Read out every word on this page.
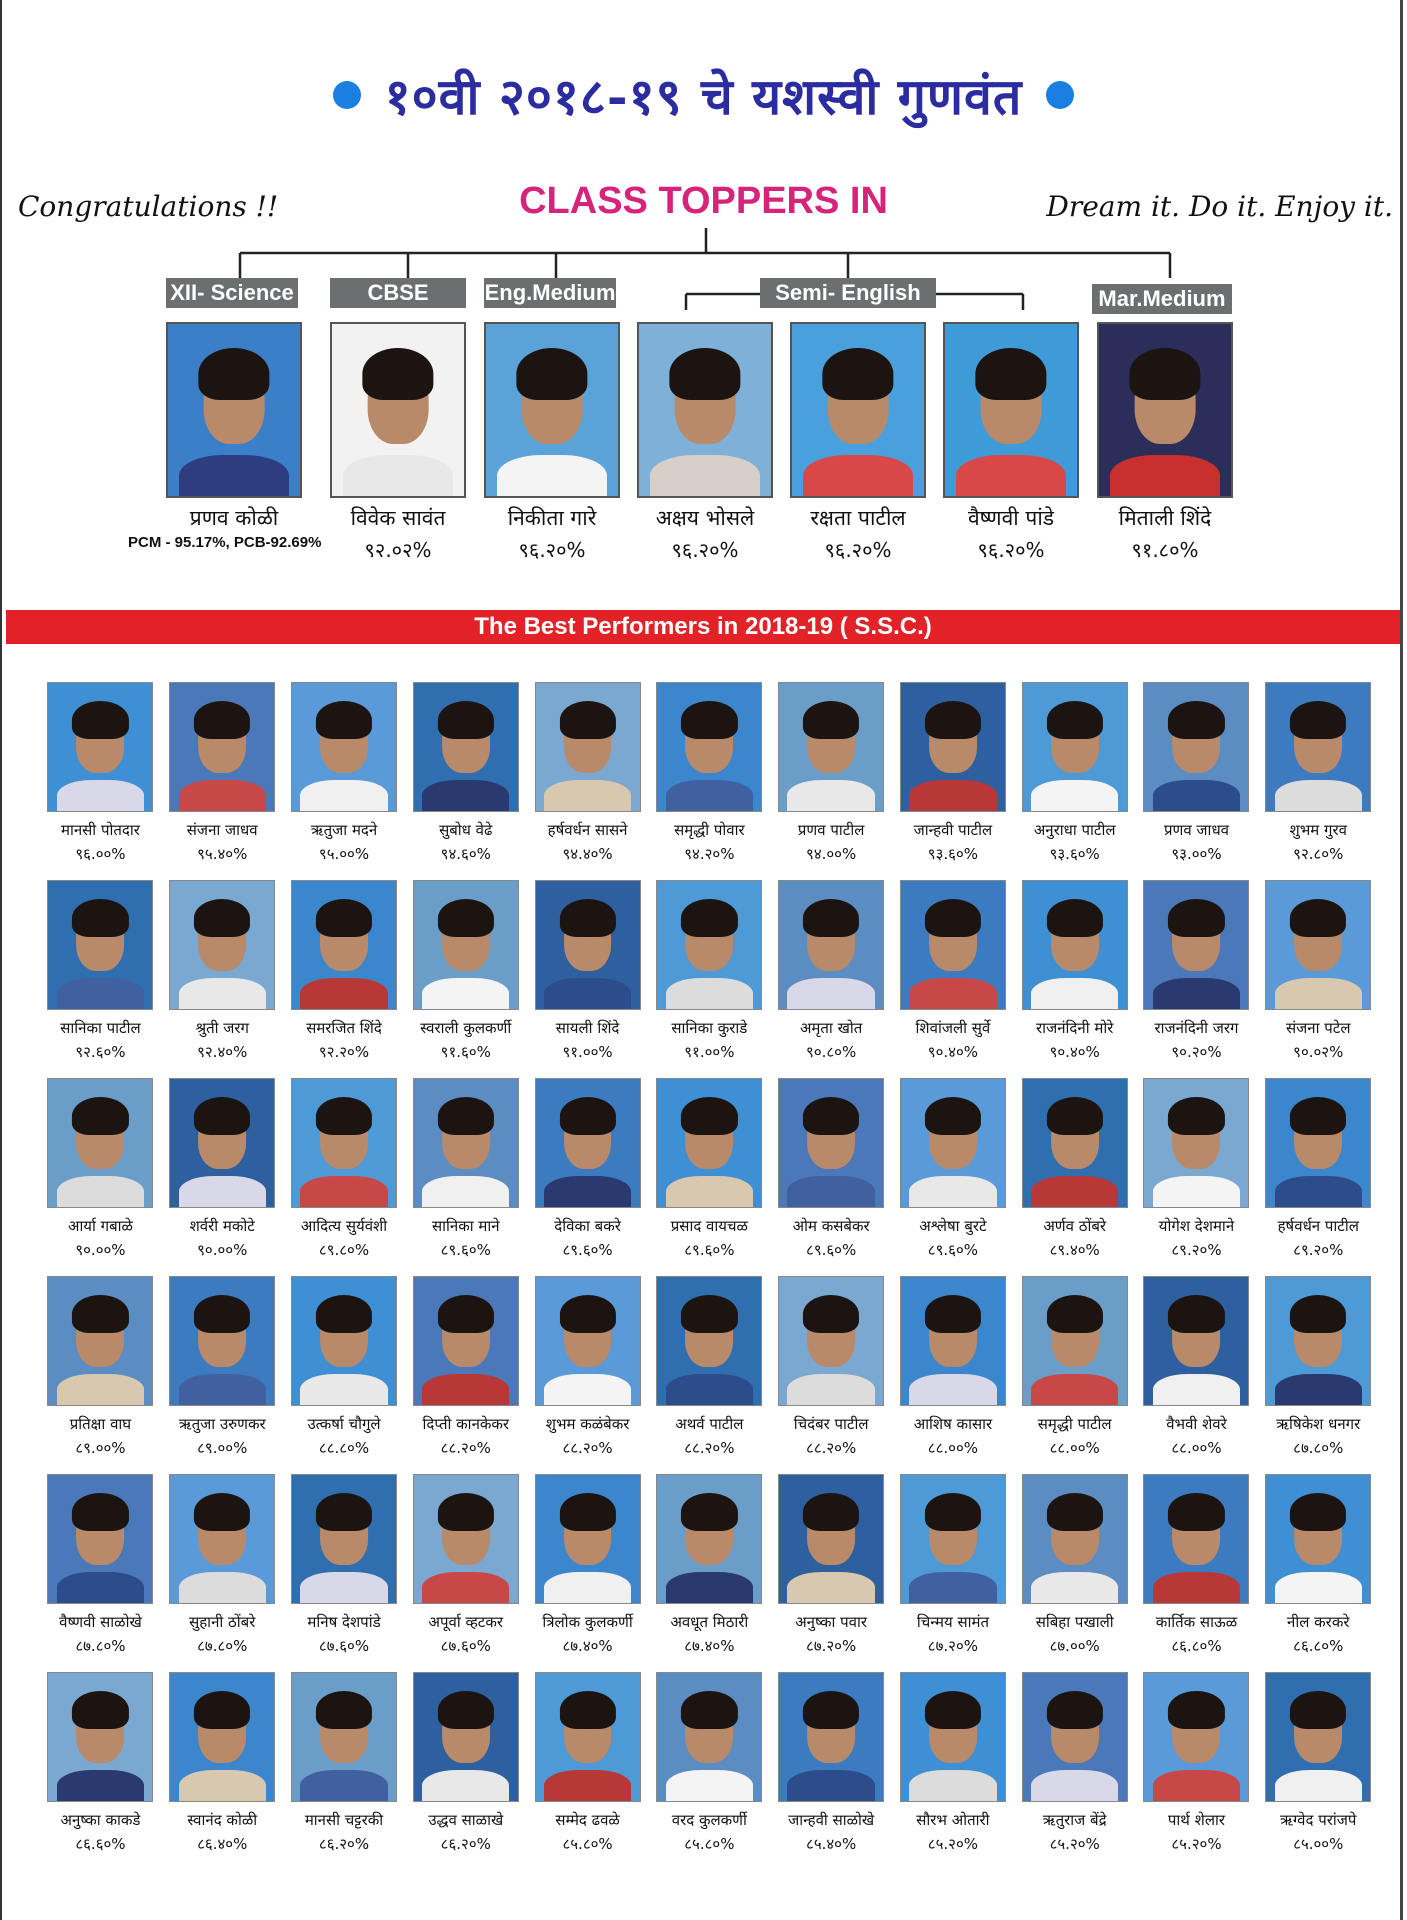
१०वी २०१८-१९ चे यशस्वी गुणवंत
Congratulations !!	CLASS TOPPERS IN	Dream it. Do it. Enjoy it.
XII- Science	CBSE	Eng.Medium	Semi- English	Mar.Medium
प्रणव कोळी	विवेक सावंत
९२.०२%
निकीता गारे
९६.२०%
अक्षय भोसले
९६.२०%
रक्षता पाटील
९६.२०%
वैष्णवी पांडे
९६.२०%
मिताली शिंदे
९१.८०%
PCM - 95.17%, PCB-92.69%
The Best Performers in 2018-19 ( S.S.C.)
मानसी पोतदार
९६.००%
संजना जाधव
९५.४०%
ऋतुजा मदने
९५.००%
सुबोध वेढे
९४.६०%
हर्षवर्धन सासने
९४.४०%
समृद्धी पोवार
९४.२०%
प्रणव पाटील
९४.००%
जान्हवी पाटील
९३.६०%
अनुराधा पाटील
९३.६०%
प्रणव जाधव
९३.००%
शुभम गुरव
९२.८०%
सानिका पाटील
९२.६०%
श्रुती जरग
९२.४०%
समरजित शिंदे
९२.२०%
स्वराली कुलकर्णी
९१.६०%
सायली शिंदे
९१.००%
सानिका कुराडे
९१.००%
अमृता खोत
९०.८०%
शिवांजली सुर्वे
९०.४०%
राजनंदिनी मोरे
९०.४०%
राजनंदिनी जरग
९०.२०%
संजना पटेल
९०.०२%
आर्या गबाळे
९०.००%
शर्वरी मकोटे
९०.००%
आदित्य सुर्यवंशी
८९.८०%
सानिका माने
८९.६०%
देविका बकरे
८९.६०%
प्रसाद वायचळ
८९.६०%
ओम कसबेकर
८९.६०%
अश्लेषा बुरटे
८९.६०%
अर्णव ठोंबरे
८९.४०%
योगेश देशमाने
८९.२०%
हर्षवर्धन पाटील
८९.२०%
प्रतिक्षा वाघ
८९.००%
ऋतुजा उरुणकर
८९.००%
उत्कर्षा चौगुले
८८.८०%
दिप्ती कानकेकर
८८.२०%
शुभम कळंबेकर
८८.२०%
अथर्व पाटील
८८.२०%
चिदंबर पाटील
८८.२०%
आशिष कासार
८८.००%
समृद्धी पाटील
८८.००%
वैभवी शेवरे
८८.००%
ऋषिकेश धनगर
८७.८०%
वैष्णवी साळोखे
८७.८०%
सुहानी ठोंबरे
८७.८०%
मनिष देशपांडे
८७.६०%
अपूर्वा व्हटकर
८७.६०%
त्रिलोक कुलकर्णी
८७.४०%
अवधूत मिठारी
८७.४०%
अनुष्का पवार
८७.२०%
चिन्मय सामंत
८७.२०%
सबिहा पखाली
८७.००%
कार्तिक साऊळ
८६.८०%
नील करकरे
८६.८०%
अनुष्का काकडे
८६.६०%
स्वानंद कोळी
८६.४०%
मानसी चट्टरकी
८६.२०%
उद्धव साळाखे
८६.२०%
सम्मेद ढवळे
८५.८०%
वरद कुलकर्णी
८५.८०%
जान्हवी साळोखे
८५.४०%
सौरभ ओतारी
८५.२०%
ऋतुराज बेंद्रे
८५.२०%
पार्थ शेलार
८५.२०%
ऋग्वेद परांजपे
८५.००%
